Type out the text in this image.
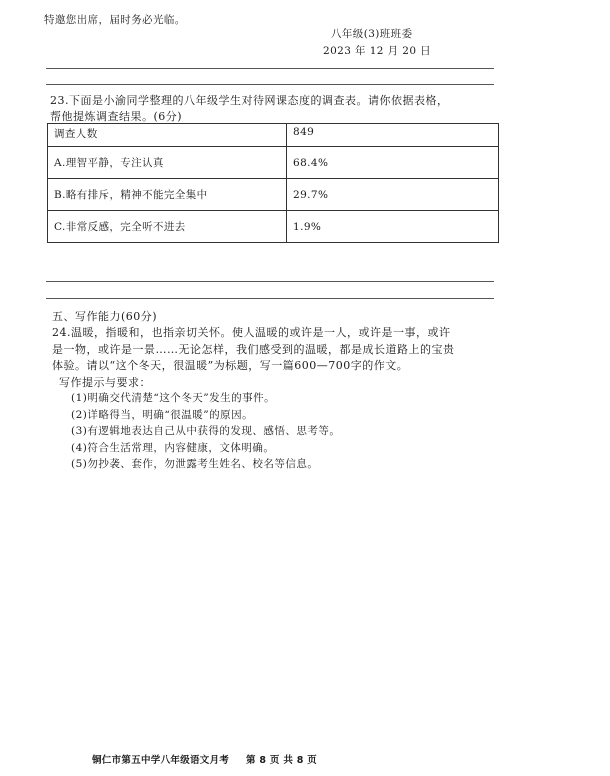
特邀您出席，届时务必光临。
八年级(3)班班委
2023 年 12 月 20 日
23.下面是小渝同学整理的八年级学生对待网课态度的调查表。请你依据表格，
帮他提炼调查结果。(6分)
调查人数	849
A.理智平静，专注认真	68.4%
B.略有排斥，精神不能完全集中	29.7%
C.非常反感，完全听不进去	1.9%
五、写作能力(60分)
24.温暖，指暖和，也指亲切关怀。使人温暖的或许是一人，或许是一事，或许
是一物，或许是一景……无论怎样，我们感受到的温暖，都是成长道路上的宝贵
体验。请以“这个冬天，很温暖”为标题，写一篇600—700字的作文。
写作提示与要求：
(1)明确交代清楚“这个冬天”发生的事件。
(2)详略得当，明确“很温暖”的原因。
(3)有逻辑地表达自己从中获得的发现、感悟、思考等。
(4)符合生活常理，内容健康，文体明确。
(5)勿抄袭、套作，勿泄露考生姓名、校名等信息。
铜仁市第五中学八年级语文月考 第 8 页 共 8 页
